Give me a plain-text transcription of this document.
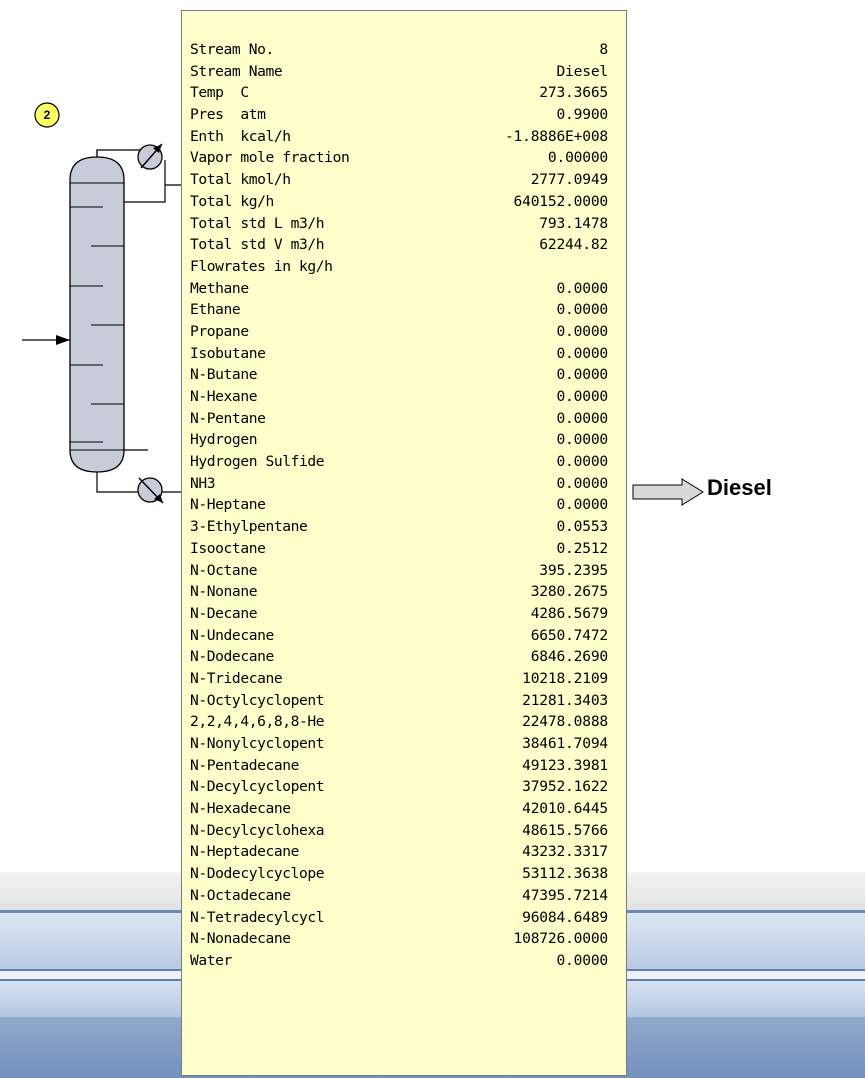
2
Diesel
Stream No.	8
Stream Name	Diesel
Temp  C	273.3665
Pres  atm	0.9900
Enth  kcal/h	-1.8886E+008
Vapor mole fraction	0.00000
Total kmol/h	2777.0949
Total kg/h	640152.0000
Total std L m3/h	793.1478
Total std V m3/h	62244.82
Flowrates in kg/h
Methane	0.0000
Ethane	0.0000
Propane	0.0000
Isobutane	0.0000
N-Butane	0.0000
N-Hexane	0.0000
N-Pentane	0.0000
Hydrogen	0.0000
Hydrogen Sulfide	0.0000
NH3	0.0000
N-Heptane	0.0000
3-Ethylpentane	0.0553
Isooctane	0.2512
N-Octane	395.2395
N-Nonane	3280.2675
N-Decane	4286.5679
N-Undecane	6650.7472
N-Dodecane	6846.2690
N-Tridecane	10218.2109
N-Octylcyclopent	21281.3403
2,2,4,4,6,8,8-He	22478.0888
N-Nonylcyclopent	38461.7094
N-Pentadecane	49123.3981
N-Decylcyclopent	37952.1622
N-Hexadecane	42010.6445
N-Decylcyclohexa	48615.5766
N-Heptadecane	43232.3317
N-Dodecylcyclope	53112.3638
N-Octadecane	47395.7214
N-Tetradecylcycl	96084.6489
N-Nonadecane	108726.0000
Water	0.0000
